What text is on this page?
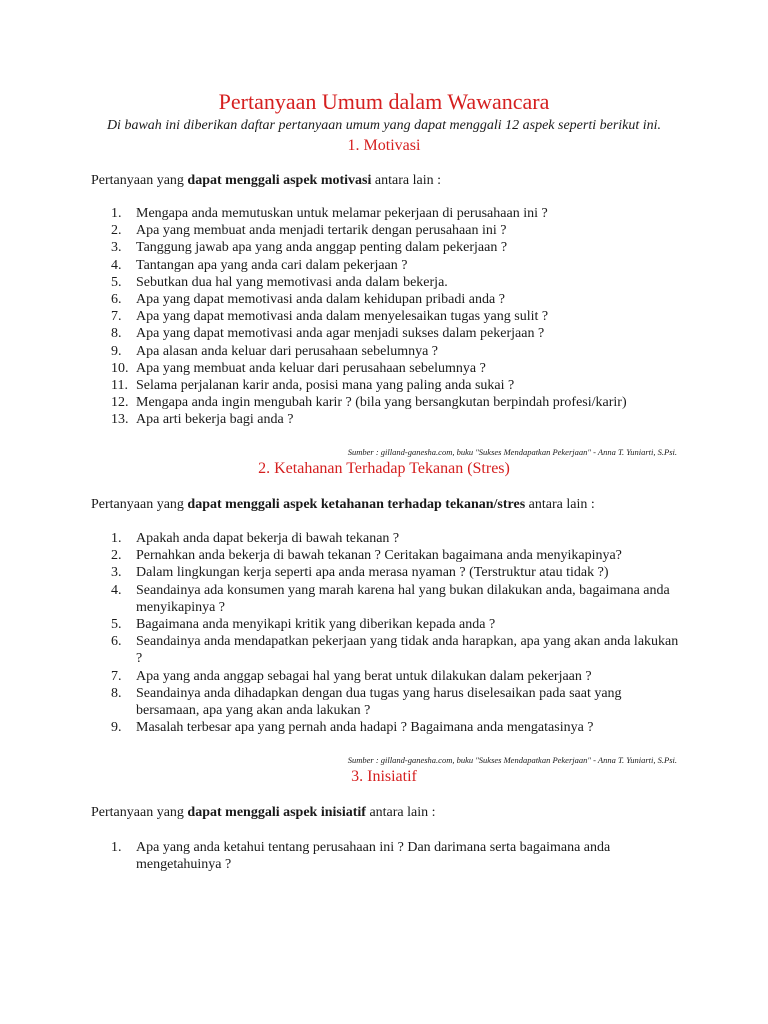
Pertanyaan Umum dalam Wawancara
Di bawah ini diberikan daftar pertanyaan umum yang dapat menggali 12 aspek seperti berikut ini.
1. Motivasi
Pertanyaan yang dapat menggali aspek motivasi antara lain :
1. Mengapa anda memutuskan untuk melamar pekerjaan di perusahaan ini ?
2. Apa yang membuat anda menjadi tertarik dengan perusahaan ini ?
3. Tanggung jawab apa yang anda anggap penting dalam pekerjaan ?
4. Tantangan apa yang anda cari dalam pekerjaan ?
5. Sebutkan dua hal yang memotivasi anda dalam bekerja.
6. Apa yang dapat memotivasi anda dalam kehidupan pribadi anda ?
7. Apa yang dapat memotivasi anda dalam menyelesaikan tugas yang sulit ?
8. Apa yang dapat memotivasi anda agar menjadi sukses dalam pekerjaan ?
9. Apa alasan anda keluar dari perusahaan sebelumnya ?
10. Apa yang membuat anda keluar dari perusahaan sebelumnya ?
11. Selama perjalanan karir anda, posisi mana yang paling anda sukai ?
12. Mengapa anda ingin mengubah karir ? (bila yang bersangkutan berpindah profesi/karir)
13. Apa arti bekerja bagi anda ?
Sumber : gilland-ganesha.com, buku "Sukses Mendapatkan Pekerjaan" - Anna T. Yuniarti, S.Psi.
2. Ketahanan Terhadap Tekanan (Stres)
Pertanyaan yang dapat menggali aspek ketahanan terhadap tekanan/stres antara lain :
1. Apakah anda dapat bekerja di bawah tekanan ?
2. Pernahkan anda bekerja di bawah tekanan ? Ceritakan bagaimana anda menyikapinya?
3. Dalam lingkungan kerja seperti apa anda merasa nyaman ? (Terstruktur atau tidak ?)
4. Seandainya ada konsumen yang marah karena hal yang bukan dilakukan anda, bagaimana anda menyikapinya ?
5. Bagaimana anda menyikapi kritik yang diberikan kepada anda ?
6. Seandainya anda mendapatkan pekerjaan yang tidak anda harapkan, apa yang akan anda lakukan ?
7. Apa yang anda anggap sebagai hal yang berat untuk dilakukan dalam pekerjaan ?
8. Seandainya anda dihadapkan dengan dua tugas yang harus diselesaikan pada saat yang bersamaan, apa yang akan anda lakukan ?
9. Masalah terbesar apa yang pernah anda hadapi ? Bagaimana anda mengatasinya ?
Sumber : gilland-ganesha.com, buku "Sukses Mendapatkan Pekerjaan" - Anna T. Yuniarti, S.Psi.
3. Inisiatif
Pertanyaan yang dapat menggali aspek inisiatif antara lain :
1. Apa yang anda ketahui tentang perusahaan ini ? Dan darimana serta bagaimana anda mengetahuinya ?
